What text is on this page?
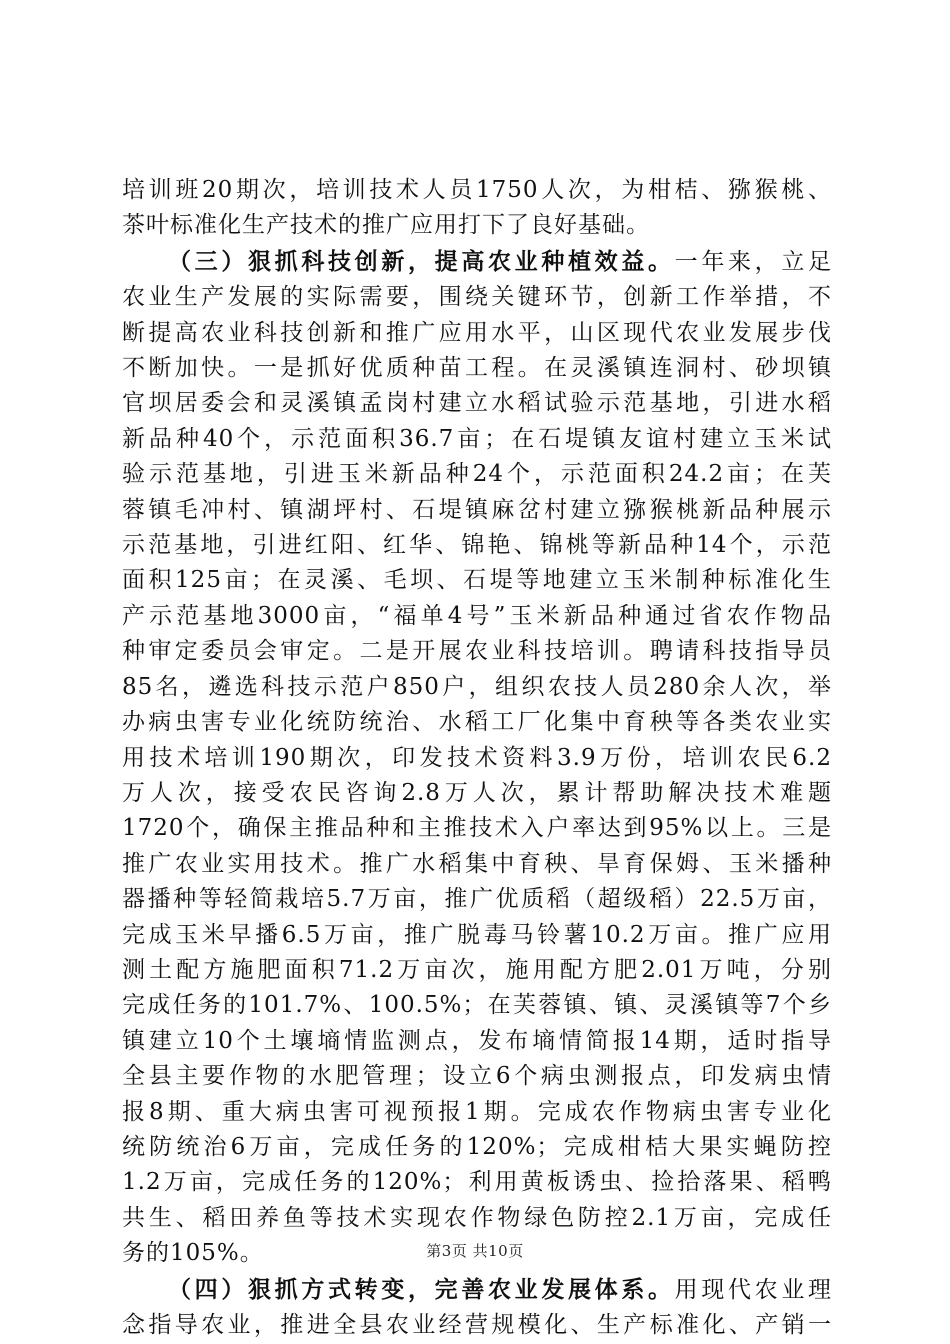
培训班20期次，培训技术人员1750人次，为柑桔、猕猴桃、
茶叶标准化生产技术的推广应用打下了良好基础。

（三）狠抓科技创新，提高农业种植效益。一年来，立足
农业生产发展的实际需要，围绕关键环节，创新工作举措，不
断提高农业科技创新和推广应用水平，山区现代农业发展步伐
不断加快。一是抓好优质种苗工程。在灵溪镇连洞村、砂坝镇
官坝居委会和灵溪镇孟岗村建立水稻试验示范基地，引进水稻
新品种40个，示范面积36.7亩；在石堤镇友谊村建立玉米试
验示范基地，引进玉米新品种24个，示范面积24.2亩；在芙
蓉镇毛冲村、镇湖坪村、石堤镇麻岔村建立猕猴桃新品种展示
示范基地，引进红阳、红华、锦艳、锦桃等新品种14个，示范
面积125亩；在灵溪、毛坝、石堤等地建立玉米制种标准化生
产示范基地3000亩，“福单4号”玉米新品种通过省农作物品
种审定委员会审定。二是开展农业科技培训。聘请科技指导员
85名，遴选科技示范户850户，组织农技人员280余人次，举
办病虫害专业化统防统治、水稻工厂化集中育秧等各类农业实
用技术培训190期次，印发技术资料3.9万份，培训农民6.2
万人次，接受农民咨询2.8万人次，累计帮助解决技术难题
1720个，确保主推品种和主推技术入户率达到95%以上。三是
推广农业实用技术。推广水稻集中育秧、旱育保姆、玉米播种
器播种等轻简栽培5.7万亩，推广优质稻（超级稻）22.5万亩，
完成玉米早播6.5万亩，推广脱毒马铃薯10.2万亩。推广应用
测土配方施肥面积71.2万亩次，施用配方肥2.01万吨，分别
完成任务的101.7%、100.5%；在芙蓉镇、镇、灵溪镇等7个乡
镇建立10个土壤墒情监测点，发布墒情简报14期，适时指导
全县主要作物的水肥管理；设立6个病虫测报点，印发病虫情
报8期、重大病虫害可视预报1期。完成农作物病虫害专业化
统防统治6万亩，完成任务的120%；完成柑桔大果实蝇防控
1.2万亩，完成任务的120%；利用黄板诱虫、捡拾落果、稻鸭
共生、稻田养鱼等技术实现农作物绿色防控2.1万亩，完成任
务的105%。

（四）狠抓方式转变，完善农业发展体系。用现代农业理
念指导农业，推进全县农业经营规模化、生产标准化、产销一

第3页 共10页
